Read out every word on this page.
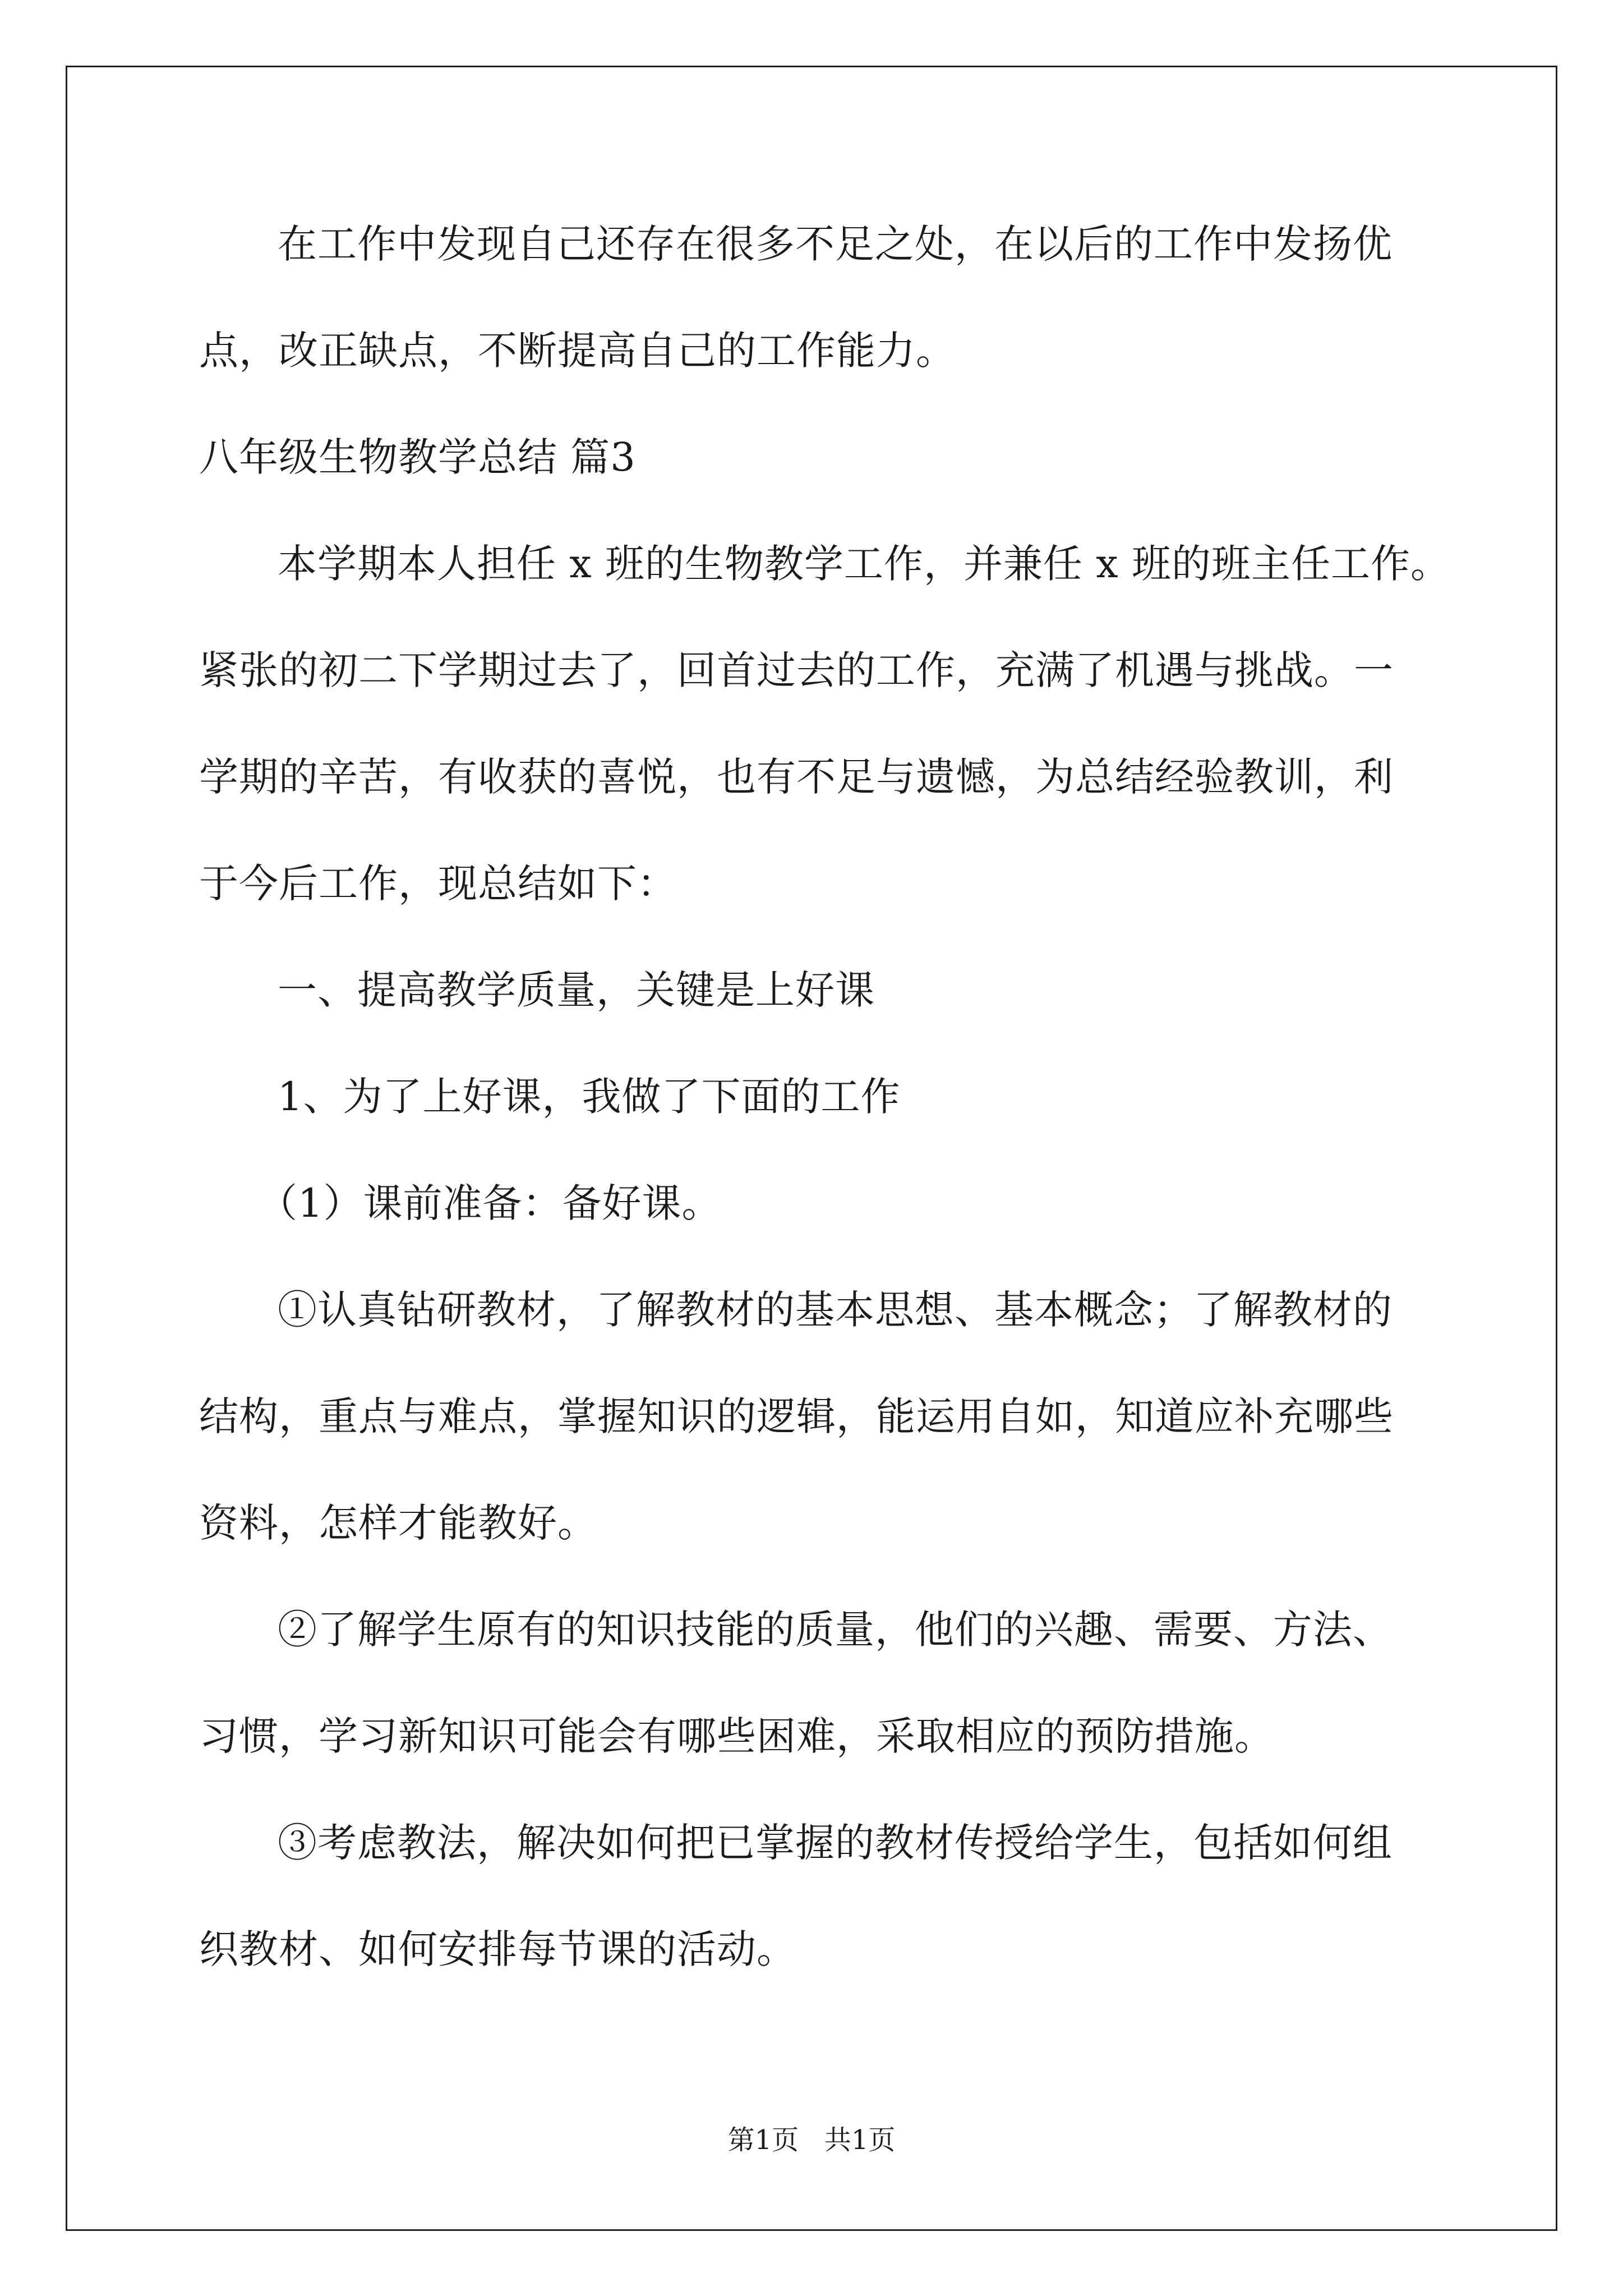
在工作中发现自己还存在很多不足之处，在以后的工作中发扬优
点，改正缺点，不断提高自己的工作能力。
八年级生物教学总结 篇3
本学期本人担任 x 班的生物教学工作，并兼任 x 班的班主任工作。
紧张的初二下学期过去了，回首过去的工作，充满了机遇与挑战。一
学期的辛苦，有收获的喜悦，也有不足与遗憾，为总结经验教训，利
于今后工作，现总结如下：
一、提高教学质量，关键是上好课
1、为了上好课，我做了下面的工作
（1）课前准备：备好课。
①认真钻研教材，了解教材的基本思想、基本概念；了解教材的
结构，重点与难点，掌握知识的逻辑，能运用自如，知道应补充哪些
资料，怎样才能教好。
②了解学生原有的知识技能的质量，他们的兴趣、需要、方法、
习惯，学习新知识可能会有哪些困难，采取相应的预防措施。
③考虑教法，解决如何把已掌握的教材传授给学生，包括如何组
织教材、如何安排每节课的活动。
第1页   共1页
